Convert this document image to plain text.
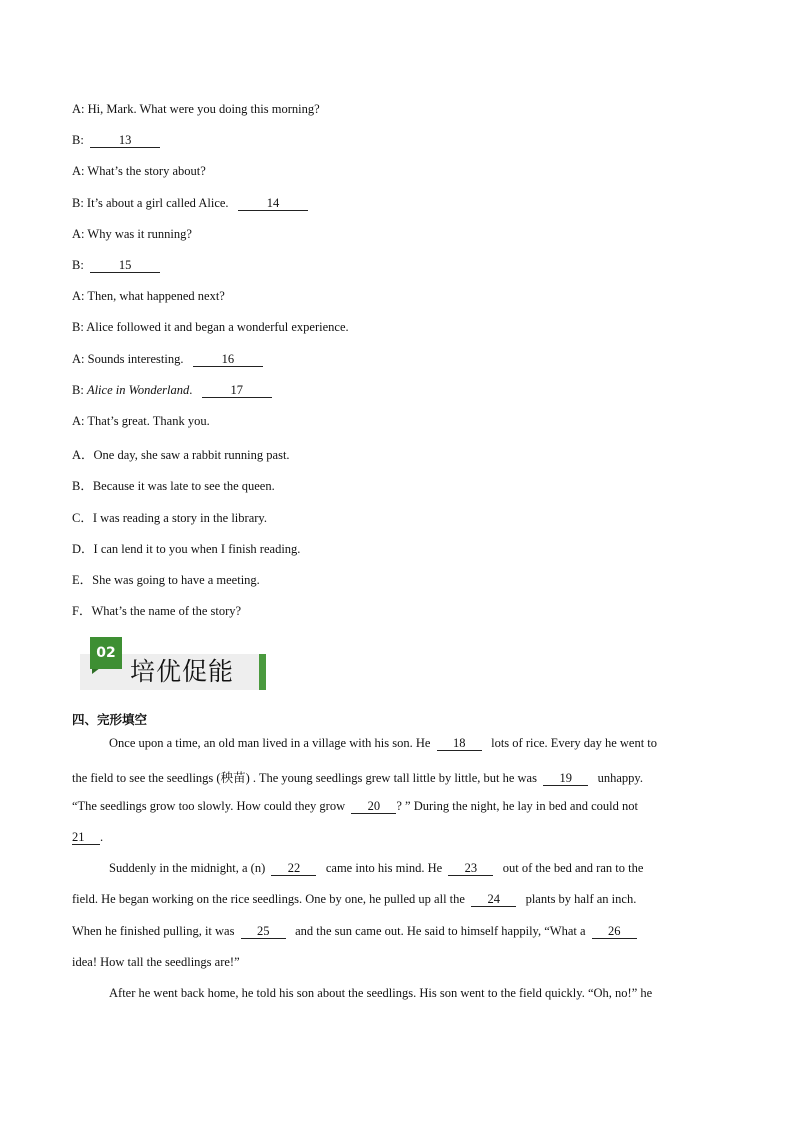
A: Hi, Mark. What were you doing this morning?
B:	13
A: What’s the story about?
B: It’s about a girl called Alice.	14
A: Why was it running?
B:	15
A: Then, what happened next?
B: Alice followed it and began a wonderful experience.
A: Sounds interesting.	16
B: Alice in Wonderland.	17
A: That’s great. Thank you.
A．One day, she saw a rabbit running past.
B．Because it was late to see the queen.
C．I was reading a story in the library.
D．I can lend it to you when I finish reading.
E．She was going to have a meeting.
F．What’s the name of the story?
02
培优促能
四、完形填空
Once upon a time, an old man lived in a village with his son. He  18   lots of rice. Every day he went to
the field to see the seedlings (秧苗) . The young seedlings grew tall little by little, but he was  19   unhappy.
“The seedlings grow too slowly. How could they grow  20 ? ” During the night, he lay in bed and could not
21 .
Suddenly in the midnight, a (n)  22   came into his mind. He  23   out of the bed and ran to the
field. He began working on the rice seedlings. One by one, he pulled up all the  24   plants by half an inch.
When he finished pulling, it was  25   and the sun came out. He said to himself happily, “What a  26
idea! How tall the seedlings are!”
After he went back home, he told his son about the seedlings. His son went to the field quickly. “Oh, no!” he
